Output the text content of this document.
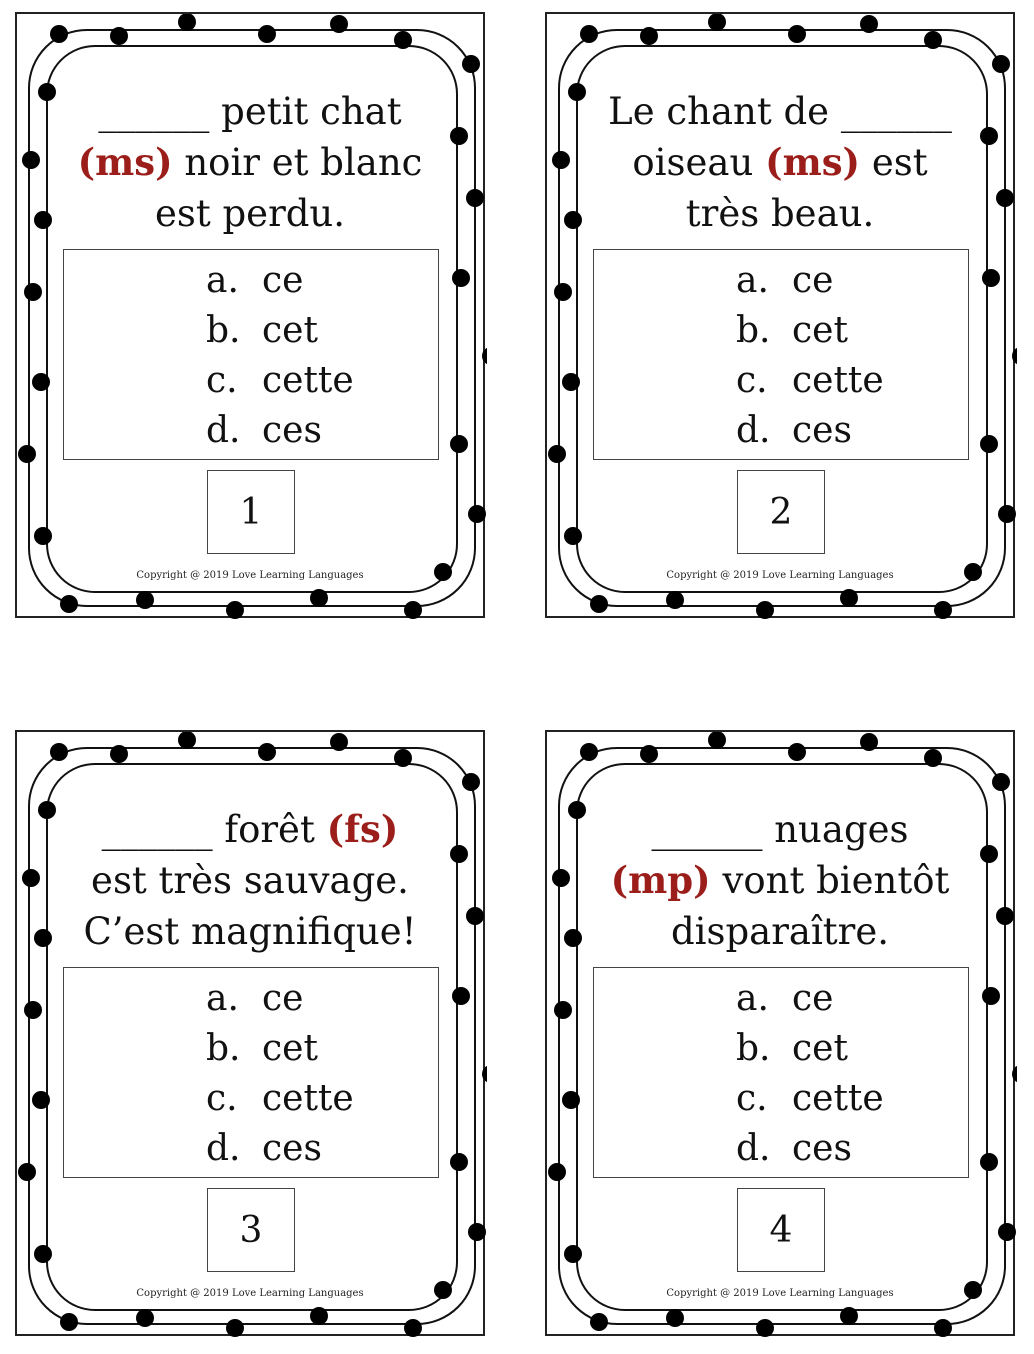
______ petit chat
(ms) noir et blanc
est perdu.
a. ce
b. cet
c. cette
d. ces
1
Copyright @ 2019 Love Learning Languages
Le chant de ______
oiseau (ms) est
très beau.
a. ce
b. cet
c. cette
d. ces
2
Copyright @ 2019 Love Learning Languages
______ forêt (fs)
est très sauvage.
C’est magnifique!
a. ce
b. cet
c. cette
d. ces
3
Copyright @ 2019 Love Learning Languages
______ nuages
(mp) vont bientôt
disparaître.
a. ce
b. cet
c. cette
d. ces
4
Copyright @ 2019 Love Learning Languages
